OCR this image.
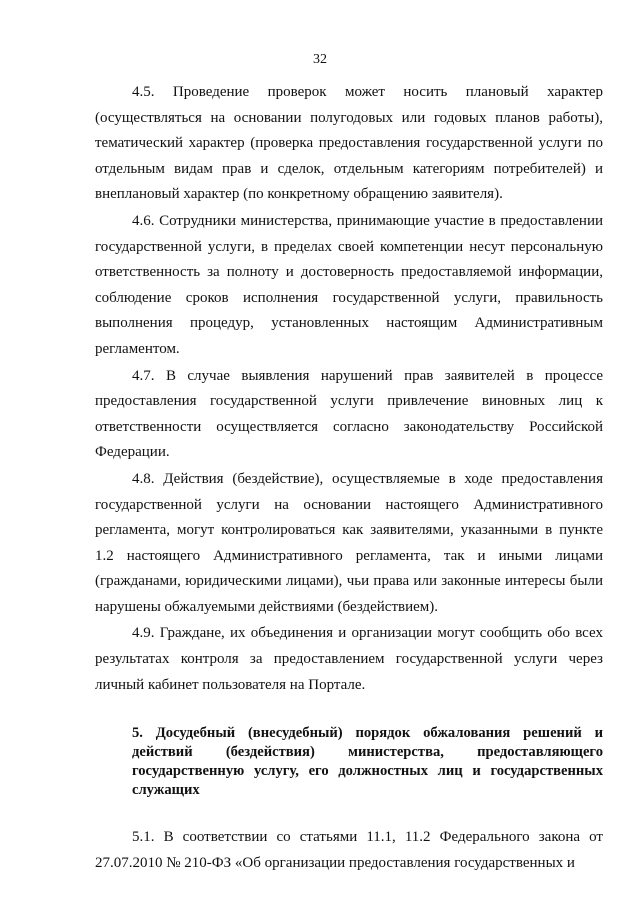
32

4.5. Проведение проверок может носить плановый характер (осуществляться на основании полугодовых или годовых планов работы), тематический характер (проверка предоставления государственной услуги по отдельным видам прав и сделок, отдельным категориям потребителей) и внеплановый характер (по конкретному обращению заявителя).

4.6. Сотрудники министерства, принимающие участие в предоставлении государственной услуги, в пределах своей компетенции несут персональную ответственность за полноту и достоверность предоставляемой информации, соблюдение сроков исполнения государственной услуги, правильность выполнения процедур, установленных настоящим Административным регламентом.

4.7. В случае выявления нарушений прав заявителей в процессе предоставления государственной услуги привлечение виновных лиц к ответственности осуществляется согласно законодательству Российской Федерации.

4.8. Действия (бездействие), осуществляемые в ходе предоставления государственной услуги на основании настоящего Административного регламента, могут контролироваться как заявителями, указанными в пункте 1.2 настоящего Административного регламента, так и иными лицами (гражданами, юридическими лицами), чьи права или законные интересы были нарушены обжалуемыми действиями (бездействием).

4.9. Граждане, их объединения и организации могут сообщить обо всех результатах контроля за предоставлением государственной услуги через личный кабинет пользователя на Портале.

5. Досудебный (внесудебный) порядок обжалования решений и действий (бездействия) министерства, предоставляющего государственную услугу, его должностных лиц и государственных служащих

5.1. В соответствии со статьями 11.1, 11.2 Федерального закона от 27.07.2010 № 210-ФЗ «Об организации предоставления государственных и
